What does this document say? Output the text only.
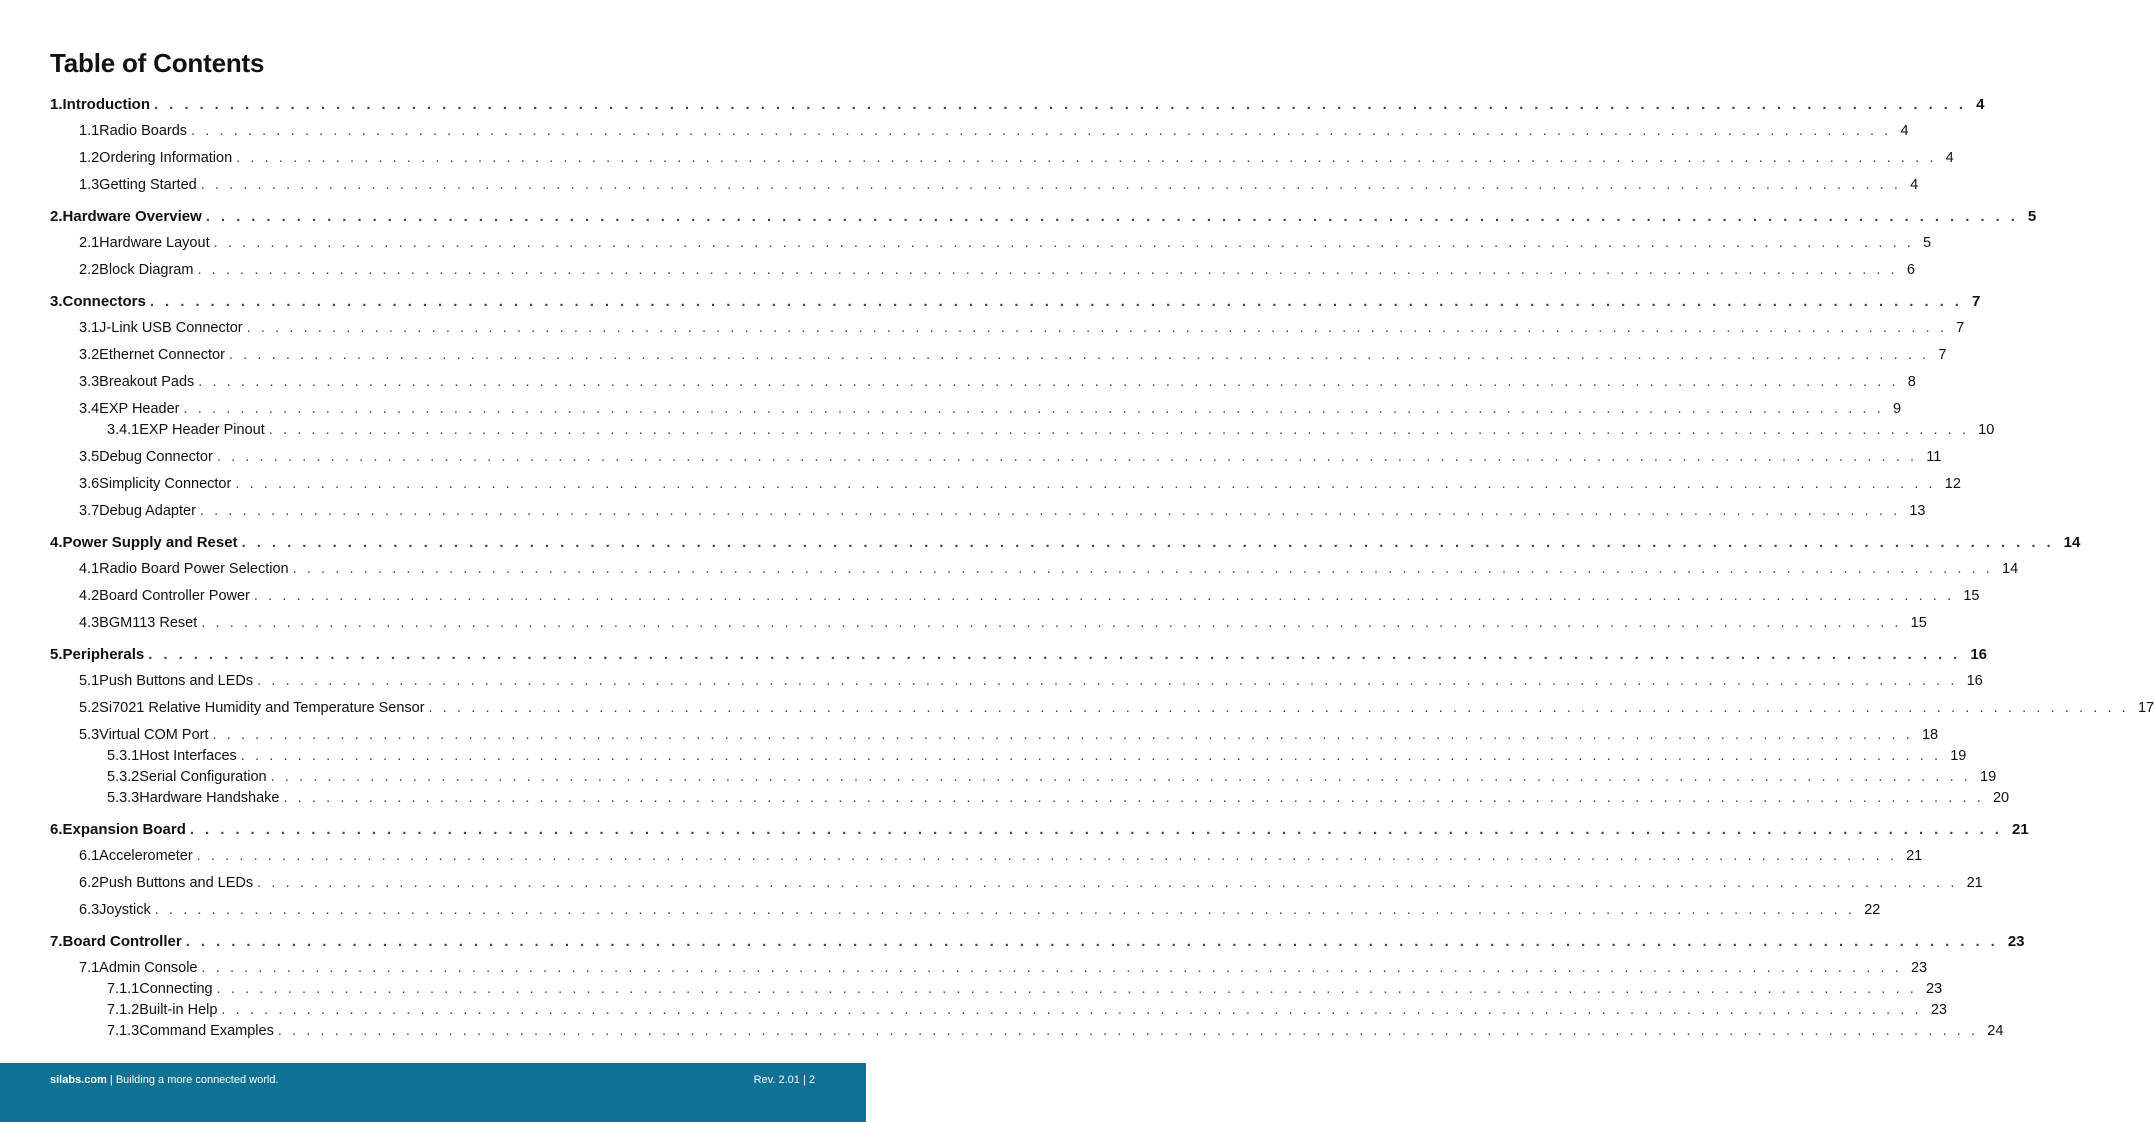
Table of Contents
1. Introduction ........................................................................................................................ 4
1.1 Radio Boards ........................................................................................................................ 4
1.2 Ordering Information ........................................................................................................................ 4
1.3 Getting Started ........................................................................................................................ 4
2. Hardware Overview ........................................................................................................................ 5
2.1 Hardware Layout ........................................................................................................................ 5
2.2 Block Diagram ........................................................................................................................ 6
3. Connectors ........................................................................................................................ 7
3.1 J-Link USB Connector ........................................................................................................................ 7
3.2 Ethernet Connector ........................................................................................................................ 7
3.3 Breakout Pads ........................................................................................................................ 8
3.4 EXP Header ........................................................................................................................ 9
3.4.1 EXP Header Pinout ........................................................................................................................ 10
3.5 Debug Connector ........................................................................................................................ 11
3.6 Simplicity Connector ........................................................................................................................ 12
3.7 Debug Adapter ........................................................................................................................ 13
4. Power Supply and Reset ........................................................................................................................ 14
4.1 Radio Board Power Selection ........................................................................................................................ 14
4.2 Board Controller Power ........................................................................................................................ 15
4.3 BGM113 Reset ........................................................................................................................ 15
5. Peripherals ........................................................................................................................ 16
5.1 Push Buttons and LEDs ........................................................................................................................ 16
5.2 Si7021 Relative Humidity and Temperature Sensor ........................................................................................................................ 17
5.3 Virtual COM Port ........................................................................................................................ 18
5.3.1 Host Interfaces ........................................................................................................................ 19
5.3.2 Serial Configuration ........................................................................................................................ 19
5.3.3 Hardware Handshake ........................................................................................................................ 20
6. Expansion Board ........................................................................................................................ 21
6.1 Accelerometer ........................................................................................................................ 21
6.2 Push Buttons and LEDs ........................................................................................................................ 21
6.3 Joystick ........................................................................................................................ 22
7. Board Controller ........................................................................................................................ 23
7.1 Admin Console ........................................................................................................................ 23
7.1.1 Connecting ........................................................................................................................ 23
7.1.2 Built-in Help ........................................................................................................................ 23
7.1.3 Command Examples ........................................................................................................................ 24
silabs.com | Building a more connected world.	Rev. 2.01 | 2
